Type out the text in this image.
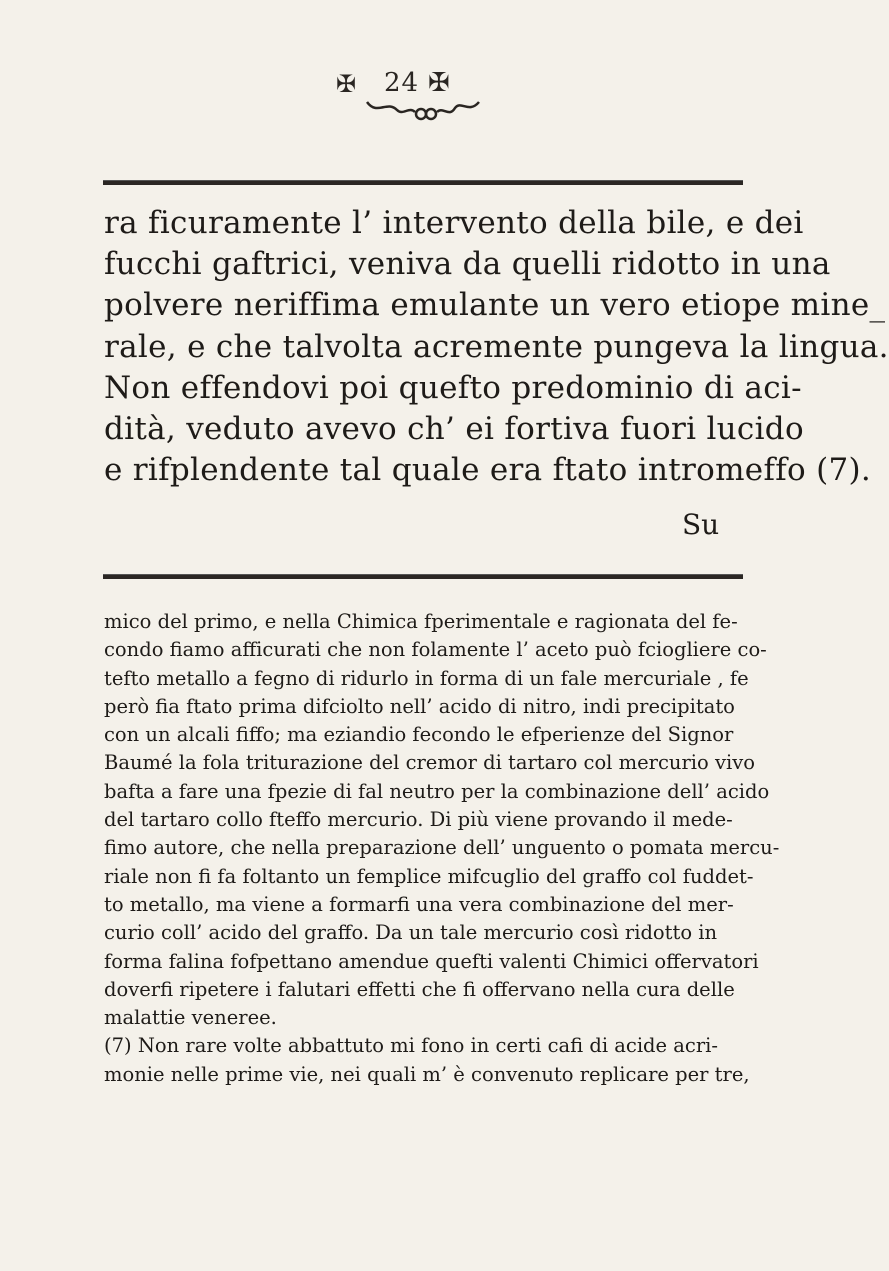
✠ 24 ✠
ra ficuramente l’ intervento della bile, e dei
fucchi gaftrici, veniva da quelli ridotto in una
polvere neriffima emulante un vero etiope mine_
rale, e che talvolta acremente pungeva la lingua.
Non effendovi poi quefto predominio di aci-
dità, veduto avevo ch’ ei fortiva fuori lucido
e rifplendente tal quale era ftato intromeffo (7).
Su
mico del primo, e nella Chimica fperimentale e ragionata del fe-
condo fiamo afficurati che non folamente l’ aceto può fciogliere co-
tefto metallo a fegno di ridurlo in forma di un fale mercuriale , fe
però fia ftato prima difciolto nell’ acido di nitro, indi precipitato
con un alcali fiffo; ma eziandio fecondo le efperienze del Signor
Baumé la fola triturazione del cremor di tartaro col mercurio vivo
bafta a fare una fpezie di fal neutro per la combinazione dell’ acido
del tartaro collo fteffo mercurio. Di più viene provando il mede-
fimo autore, che nella preparazione dell’ unguento o pomata mercu-
riale non fi fa foltanto un femplice mifcuglio del graffo col fuddet-
to metallo, ma viene a formarfi una vera combinazione del mer-
curio coll’ acido del graffo. Da un tale mercurio così ridotto in
forma falina fofpettano amendue quefti valenti Chimici offervatori
doverfi ripetere i falutari effetti che fi offervano nella cura delle
malattie veneree.
(7) Non rare volte abbattuto mi fono in certi cafi di acide acri-
monie nelle prime vie, nei quali m’ è convenuto replicare per tre,
